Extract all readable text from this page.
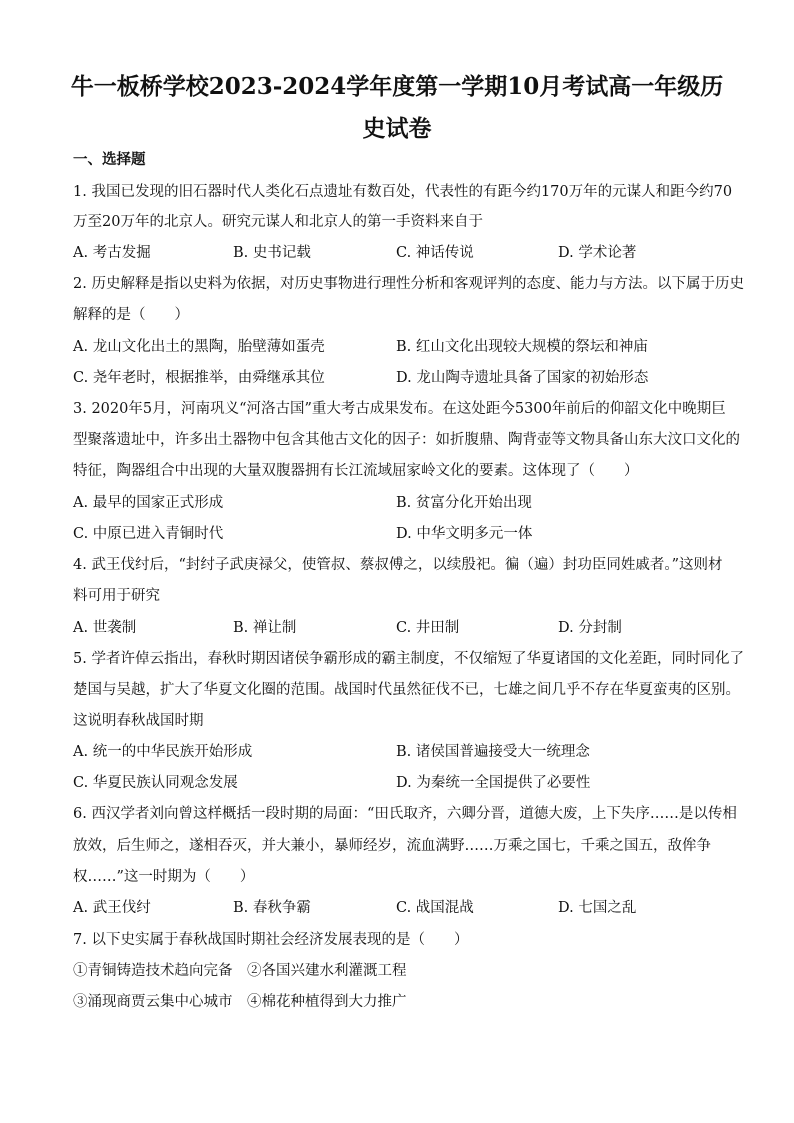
牛一板桥学校2023-2024学年度第一学期10月考试高一年级历史试卷
一、选择题
1. 我国已发现的旧石器时代人类化石点遗址有数百处，代表性的有距今约170万年的元谋人和距今约70
万至20万年的北京人。研究元谋人和北京人的第一手资料来自于
A. 考古发掘	B. 史书记载	C. 神话传说	D. 学术论著
2. 历史解释是指以史料为依据，对历史事物进行理性分析和客观评判的态度、能力与方法。以下属于历史
解释的是（　　）
A. 龙山文化出土的黑陶，胎壁薄如蛋壳	B. 红山文化出现较大规模的祭坛和神庙
C. 尧年老时，根据推举，由舜继承其位	D. 龙山陶寺遗址具备了国家的初始形态
3. 2020年5月，河南巩义“河洛古国”重大考古成果发布。在这处距今5300年前后的仰韶文化中晚期巨
型聚落遗址中，许多出土器物中包含其他古文化的因子：如折腹鼎、陶背壶等文物具备山东大汶口文化的
特征，陶器组合中出现的大量双腹器拥有长江流域屈家岭文化的要素。这体现了（　　）
A. 最早的国家正式形成	B. 贫富分化开始出现
C. 中原已进入青铜时代	D. 中华文明多元一体
4. 武王伐纣后，“封纣子武庚禄父，使管叔、蔡叔傅之，以续殷祀。徧（遍）封功臣同姓戚者。”这则材
料可用于研究
A. 世袭制	B. 禅让制	C. 井田制	D. 分封制
5. 学者许倬云指出，春秋时期因诸侯争霸形成的霸主制度，不仅缩短了华夏诸国的文化差距，同时同化了
楚国与吴越，扩大了华夏文化圈的范围。战国时代虽然征伐不已，七雄之间几乎不存在华夏蛮夷的区别。
这说明春秋战国时期
A. 统一的中华民族开始形成	B. 诸侯国普遍接受大一统理念
C. 华夏民族认同观念发展	D. 为秦统一全国提供了必要性
6. 西汉学者刘向曾这样概括一段时期的局面：“田氏取齐，六卿分晋，道德大废，上下失序……是以传相
放效，后生师之，遂相吞灭，并大兼小，暴师经岁，流血满野……万乘之国七，千乘之国五，敌侔争
权……”这一时期为（　　）
A. 武王伐纣	B. 春秋争霸	C. 战国混战	D. 七国之乱
7. 以下史实属于春秋战国时期社会经济发展表现的是（　　）
①青铜铸造技术趋向完备　②各国兴建水利灌溉工程
③涌现商贾云集中心城市　④棉花种植得到大力推广
